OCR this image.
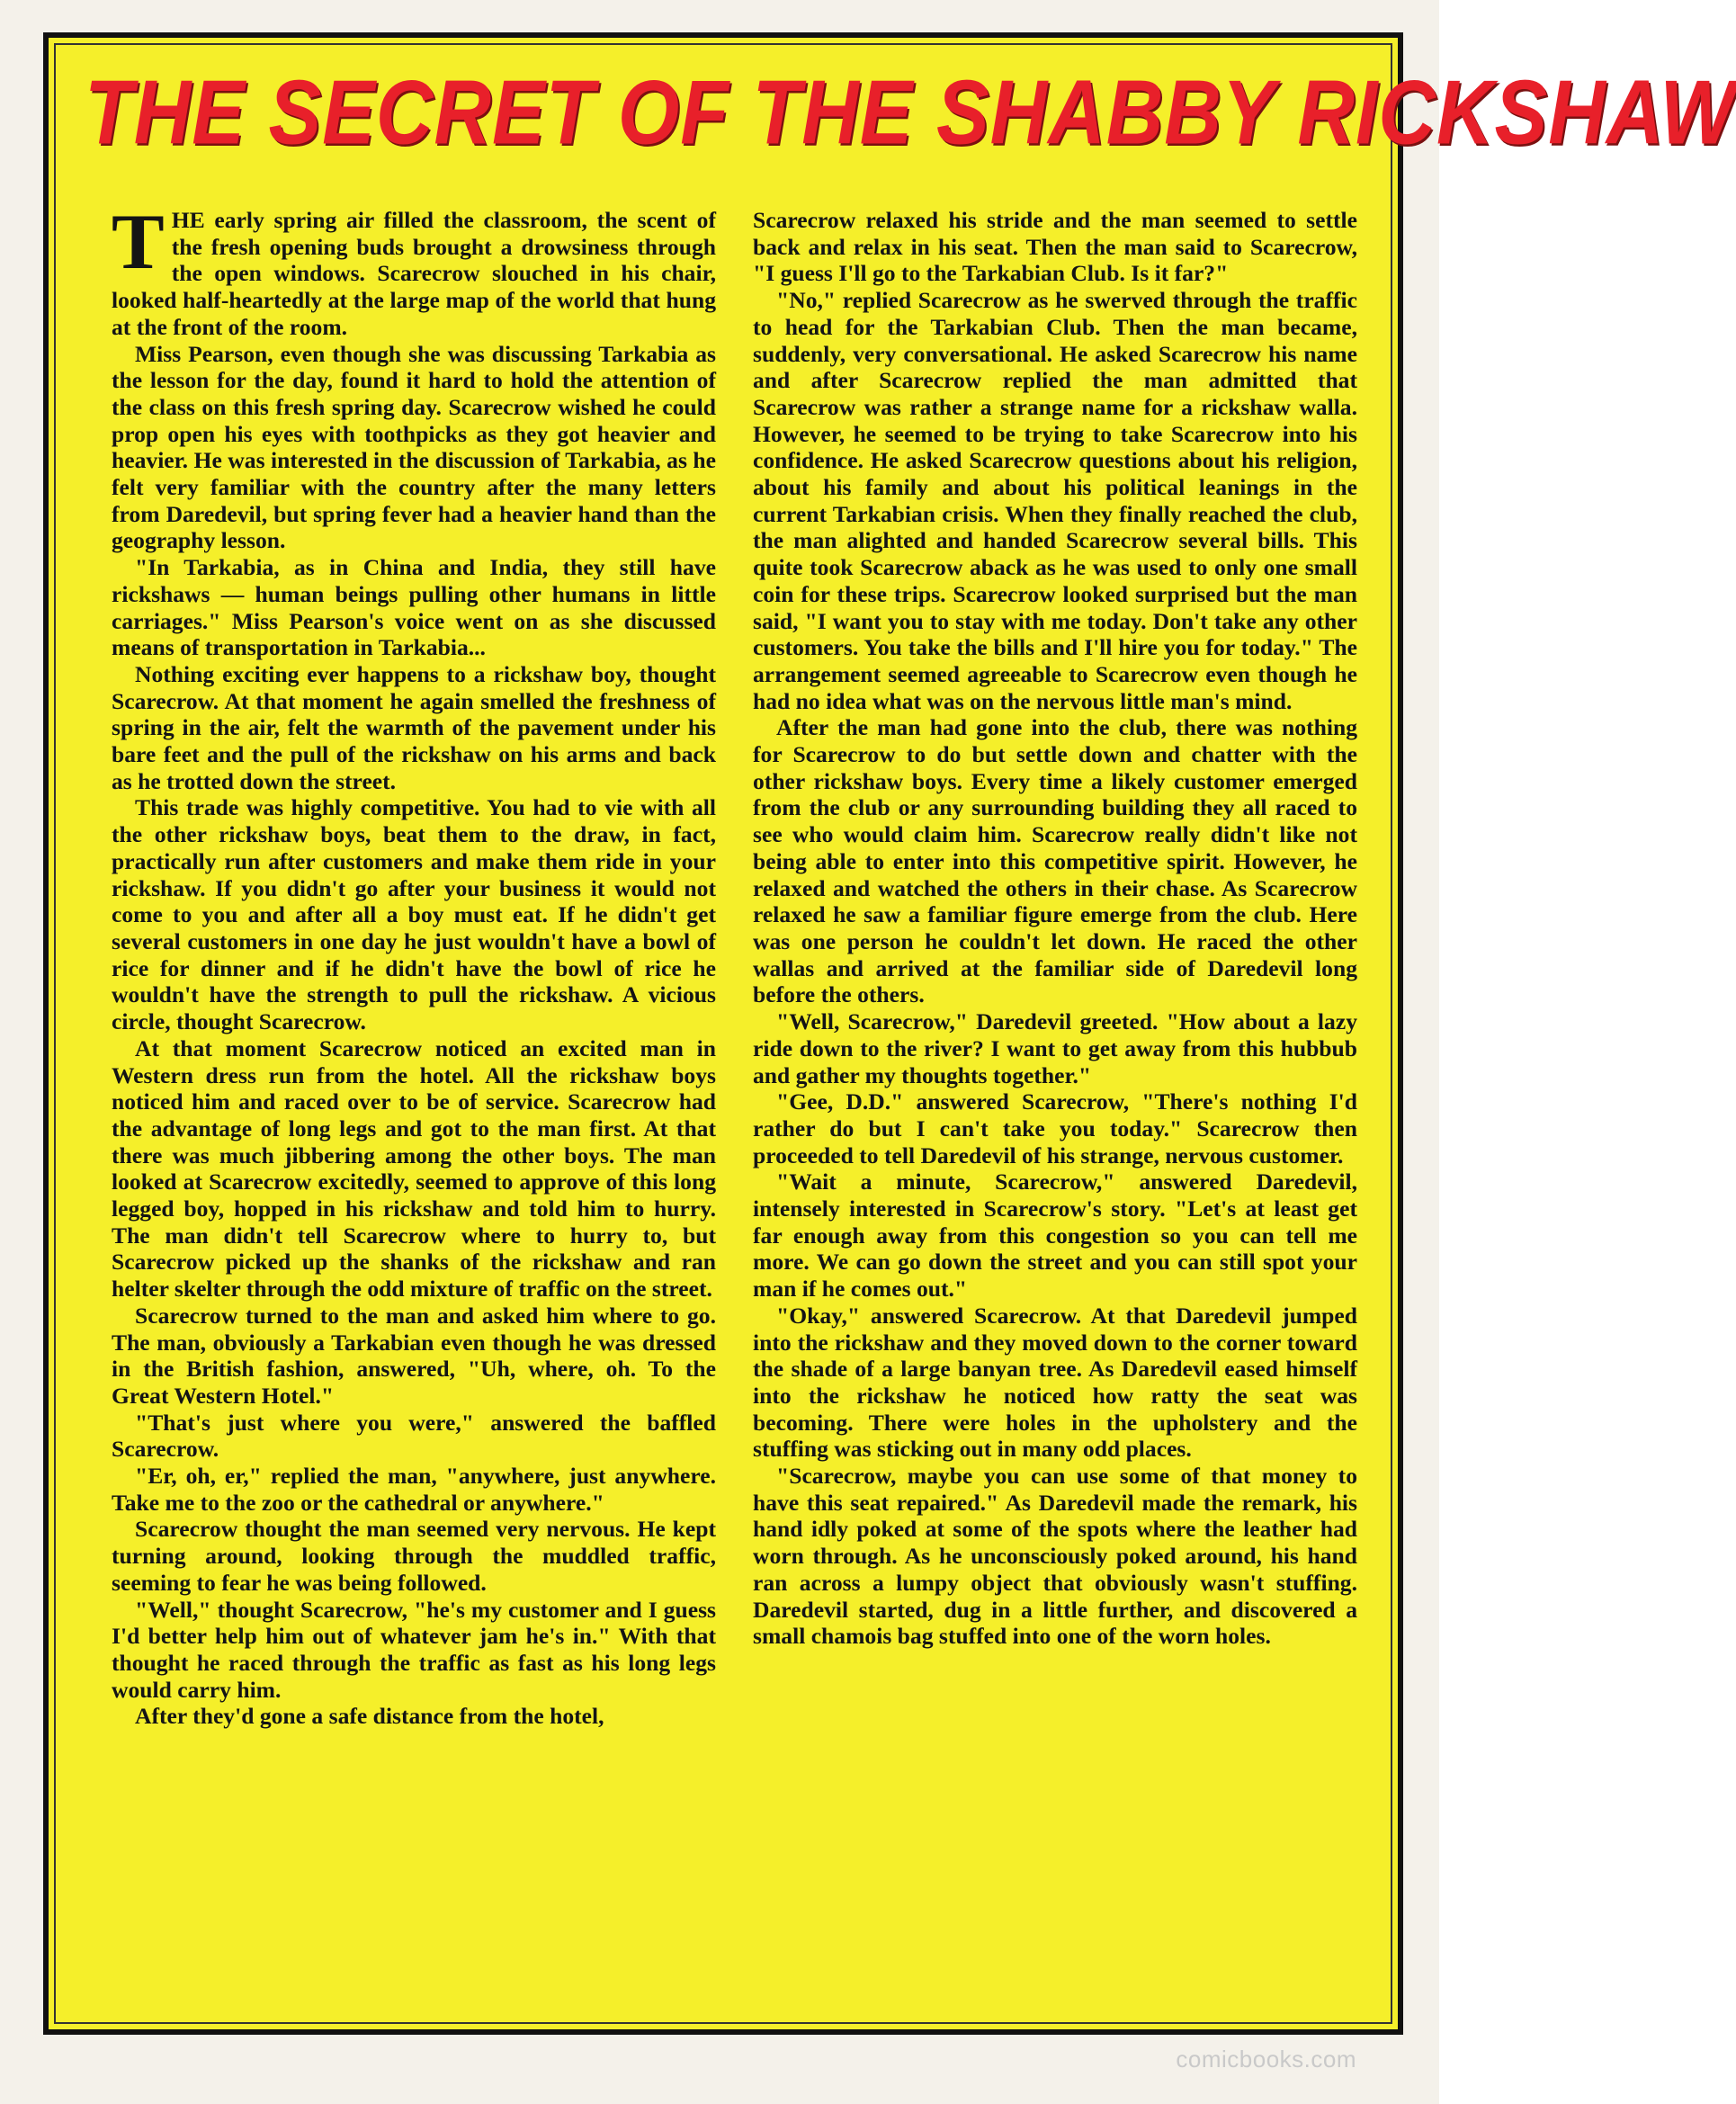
THE SECRET OF THE SHABBY RICKSHAW

THE early spring air filled the classroom, the scent of the fresh opening buds brought a drowsiness through the open windows. Scarecrow slouched in his chair, looked half-heartedly at the large map of the world that hung at the front of the room.

Miss Pearson, even though she was discussing Tarkabia as the lesson for the day, found it hard to hold the attention of the class on this fresh spring day. Scarecrow wished he could prop open his eyes with toothpicks as they got heavier and heavier. He was interested in the discussion of Tarkabia, as he felt very familiar with the country after the many letters from Daredevil, but spring fever had a heavier hand than the geography lesson.

"In Tarkabia, as in China and India, they still have rickshaws — human beings pulling other humans in little carriages." Miss Pearson's voice went on as she discussed means of transportation in Tarkabia...

Nothing exciting ever happens to a rickshaw boy, thought Scarecrow. At that moment he again smelled the freshness of spring in the air, felt the warmth of the pavement under his bare feet and the pull of the rickshaw on his arms and back as he trotted down the street.

This trade was highly competitive. You had to vie with all the other rickshaw boys, beat them to the draw, in fact, practically run after customers and make them ride in your rickshaw. If you didn't go after your business it would not come to you and after all a boy must eat. If he didn't get several customers in one day he just wouldn't have a bowl of rice for dinner and if he didn't have the bowl of rice he wouldn't have the strength to pull the rickshaw. A vicious circle, thought Scarecrow.

At that moment Scarecrow noticed an excited man in Western dress run from the hotel. All the rickshaw boys noticed him and raced over to be of service. Scarecrow had the advantage of long legs and got to the man first. At that there was much jibbering among the other boys. The man looked at Scarecrow excitedly, seemed to approve of this long legged boy, hopped in his rickshaw and told him to hurry. The man didn't tell Scarecrow where to hurry to, but Scarecrow picked up the shanks of the rickshaw and ran helter skelter through the odd mixture of traffic on the street.

Scarecrow turned to the man and asked him where to go. The man, obviously a Tarkabian even though he was dressed in the British fashion, answered, "Uh, where, oh. To the Great Western Hotel."

"That's just where you were," answered the baffled Scarecrow.

"Er, oh, er," replied the man, "anywhere, just anywhere. Take me to the zoo or the cathedral or anywhere."

Scarecrow thought the man seemed very nervous. He kept turning around, looking through the muddled traffic, seeming to fear he was being followed.

"Well," thought Scarecrow, "he's my customer and I guess I'd better help him out of whatever jam he's in." With that thought he raced through the traffic as fast as his long legs would carry him.

After they'd gone a safe distance from the hotel,

Scarecrow relaxed his stride and the man seemed to settle back and relax in his seat. Then the man said to Scarecrow, "I guess I'll go to the Tarkabian Club. Is it far?"

"No," replied Scarecrow as he swerved through the traffic to head for the Tarkabian Club. Then the man became, suddenly, very conversational. He asked Scarecrow his name and after Scarecrow replied the man admitted that Scarecrow was rather a strange name for a rickshaw walla. However, he seemed to be trying to take Scarecrow into his confidence. He asked Scarecrow questions about his religion, about his family and about his political leanings in the current Tarkabian crisis. When they finally reached the club, the man alighted and handed Scarecrow several bills. This quite took Scarecrow aback as he was used to only one small coin for these trips. Scarecrow looked surprised but the man said, "I want you to stay with me today. Don't take any other customers. You take the bills and I'll hire you for today." The arrangement seemed agreeable to Scarecrow even though he had no idea what was on the nervous little man's mind.

After the man had gone into the club, there was nothing for Scarecrow to do but settle down and chatter with the other rickshaw boys. Every time a likely customer emerged from the club or any surrounding building they all raced to see who would claim him. Scarecrow really didn't like not being able to enter into this competitive spirit. However, he relaxed and watched the others in their chase. As Scarecrow relaxed he saw a familiar figure emerge from the club. Here was one person he couldn't let down. He raced the other wallas and arrived at the familiar side of Daredevil long before the others.

"Well, Scarecrow," Daredevil greeted. "How about a lazy ride down to the river? I want to get away from this hubbub and gather my thoughts together."

"Gee, D.D." answered Scarecrow, "There's nothing I'd rather do but I can't take you today." Scarecrow then proceeded to tell Daredevil of his strange, nervous customer.

"Wait a minute, Scarecrow," answered Daredevil, intensely interested in Scarecrow's story. "Let's at least get far enough away from this congestion so you can tell me more. We can go down the street and you can still spot your man if he comes out."

"Okay," answered Scarecrow. At that Daredevil jumped into the rickshaw and they moved down to the corner toward the shade of a large banyan tree. As Daredevil eased himself into the rickshaw he noticed how ratty the seat was becoming. There were holes in the upholstery and the stuffing was sticking out in many odd places.

"Scarecrow, maybe you can use some of that money to have this seat repaired." As Daredevil made the remark, his hand idly poked at some of the spots where the leather had worn through. As he unconsciously poked around, his hand ran across a lumpy object that obviously wasn't stuffing. Daredevil started, dug in a little further, and discovered a small chamois bag stuffed into one of the worn holes.

comicbooks.com
